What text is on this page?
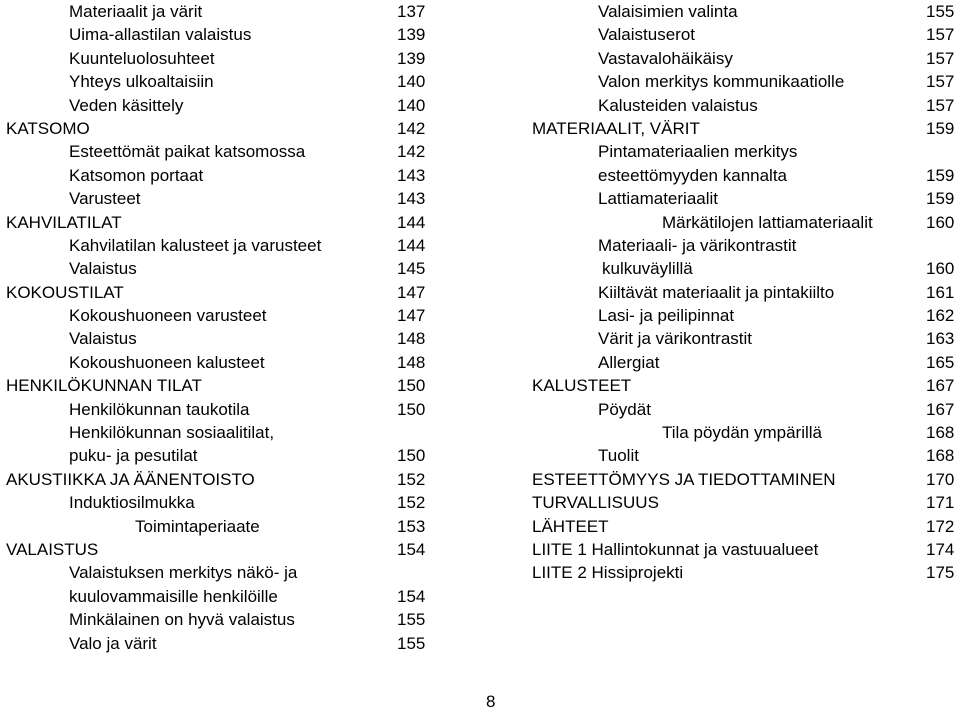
Materiaalit ja värit	137
Uima-allastilan valaistus	139
Kuunteluolosuhteet	139
Yhteys ulkoaltaisiin	140
Veden käsittely	140
KATSOMO	142
Esteettömät paikat katsomossa	142
Katsomon portaat	143
Varusteet	143
KAHVILATILAT	144
Kahvilatilan kalusteet ja varusteet	144
Valaistus	145
KOKOUSTILAT	147
Kokoushuoneen varusteet	147
Valaistus	148
Kokoushuoneen kalusteet	148
HENKILÖKUNNAN TILAT	150
Henkilökunnan taukotila	150
Henkilökunnan sosiaalitilat,
puku- ja pesutilat	150
AKUSTIIKKA JA ÄÄNENTOISTO	152
Induktiosilmukka	152
Toimintaperiaate	153
VALAISTUS	154
Valaistuksen merkitys näkö- ja
kuulovammaisille henkilöille	154
Minkälainen on hyvä valaistus	155
Valo ja värit	155
Valaisimien valinta	155
Valaistuserot	157
Vastavalohäikäisy	157
Valon merkitys kommunikaatiolle	157
Kalusteiden valaistus	157
MATERIAALIT, VÄRIT	159
Pintamateriaalien merkitys
esteettömyyden kannalta	159
Lattiamateriaalit	159
Märkätilojen lattiamateriaalit	160
Materiaali- ja värikontrastit
kulkuväylillä	160
Kiiltävät materiaalit ja pintakiilto	161
Lasi- ja peilipinnat	162
Värit ja värikontrastit	163
Allergiat	165
KALUSTEET	167
Pöydät	167
Tila pöydän ympärillä	168
Tuolit	168
ESTEETTÖMYYS JA TIEDOTTAMINEN	170
TURVALLISUUS	171
LÄHTEET	172
LIITE 1 Hallintokunnat ja vastuualueet	174
LIITE 2 Hissiprojekti	175
8
